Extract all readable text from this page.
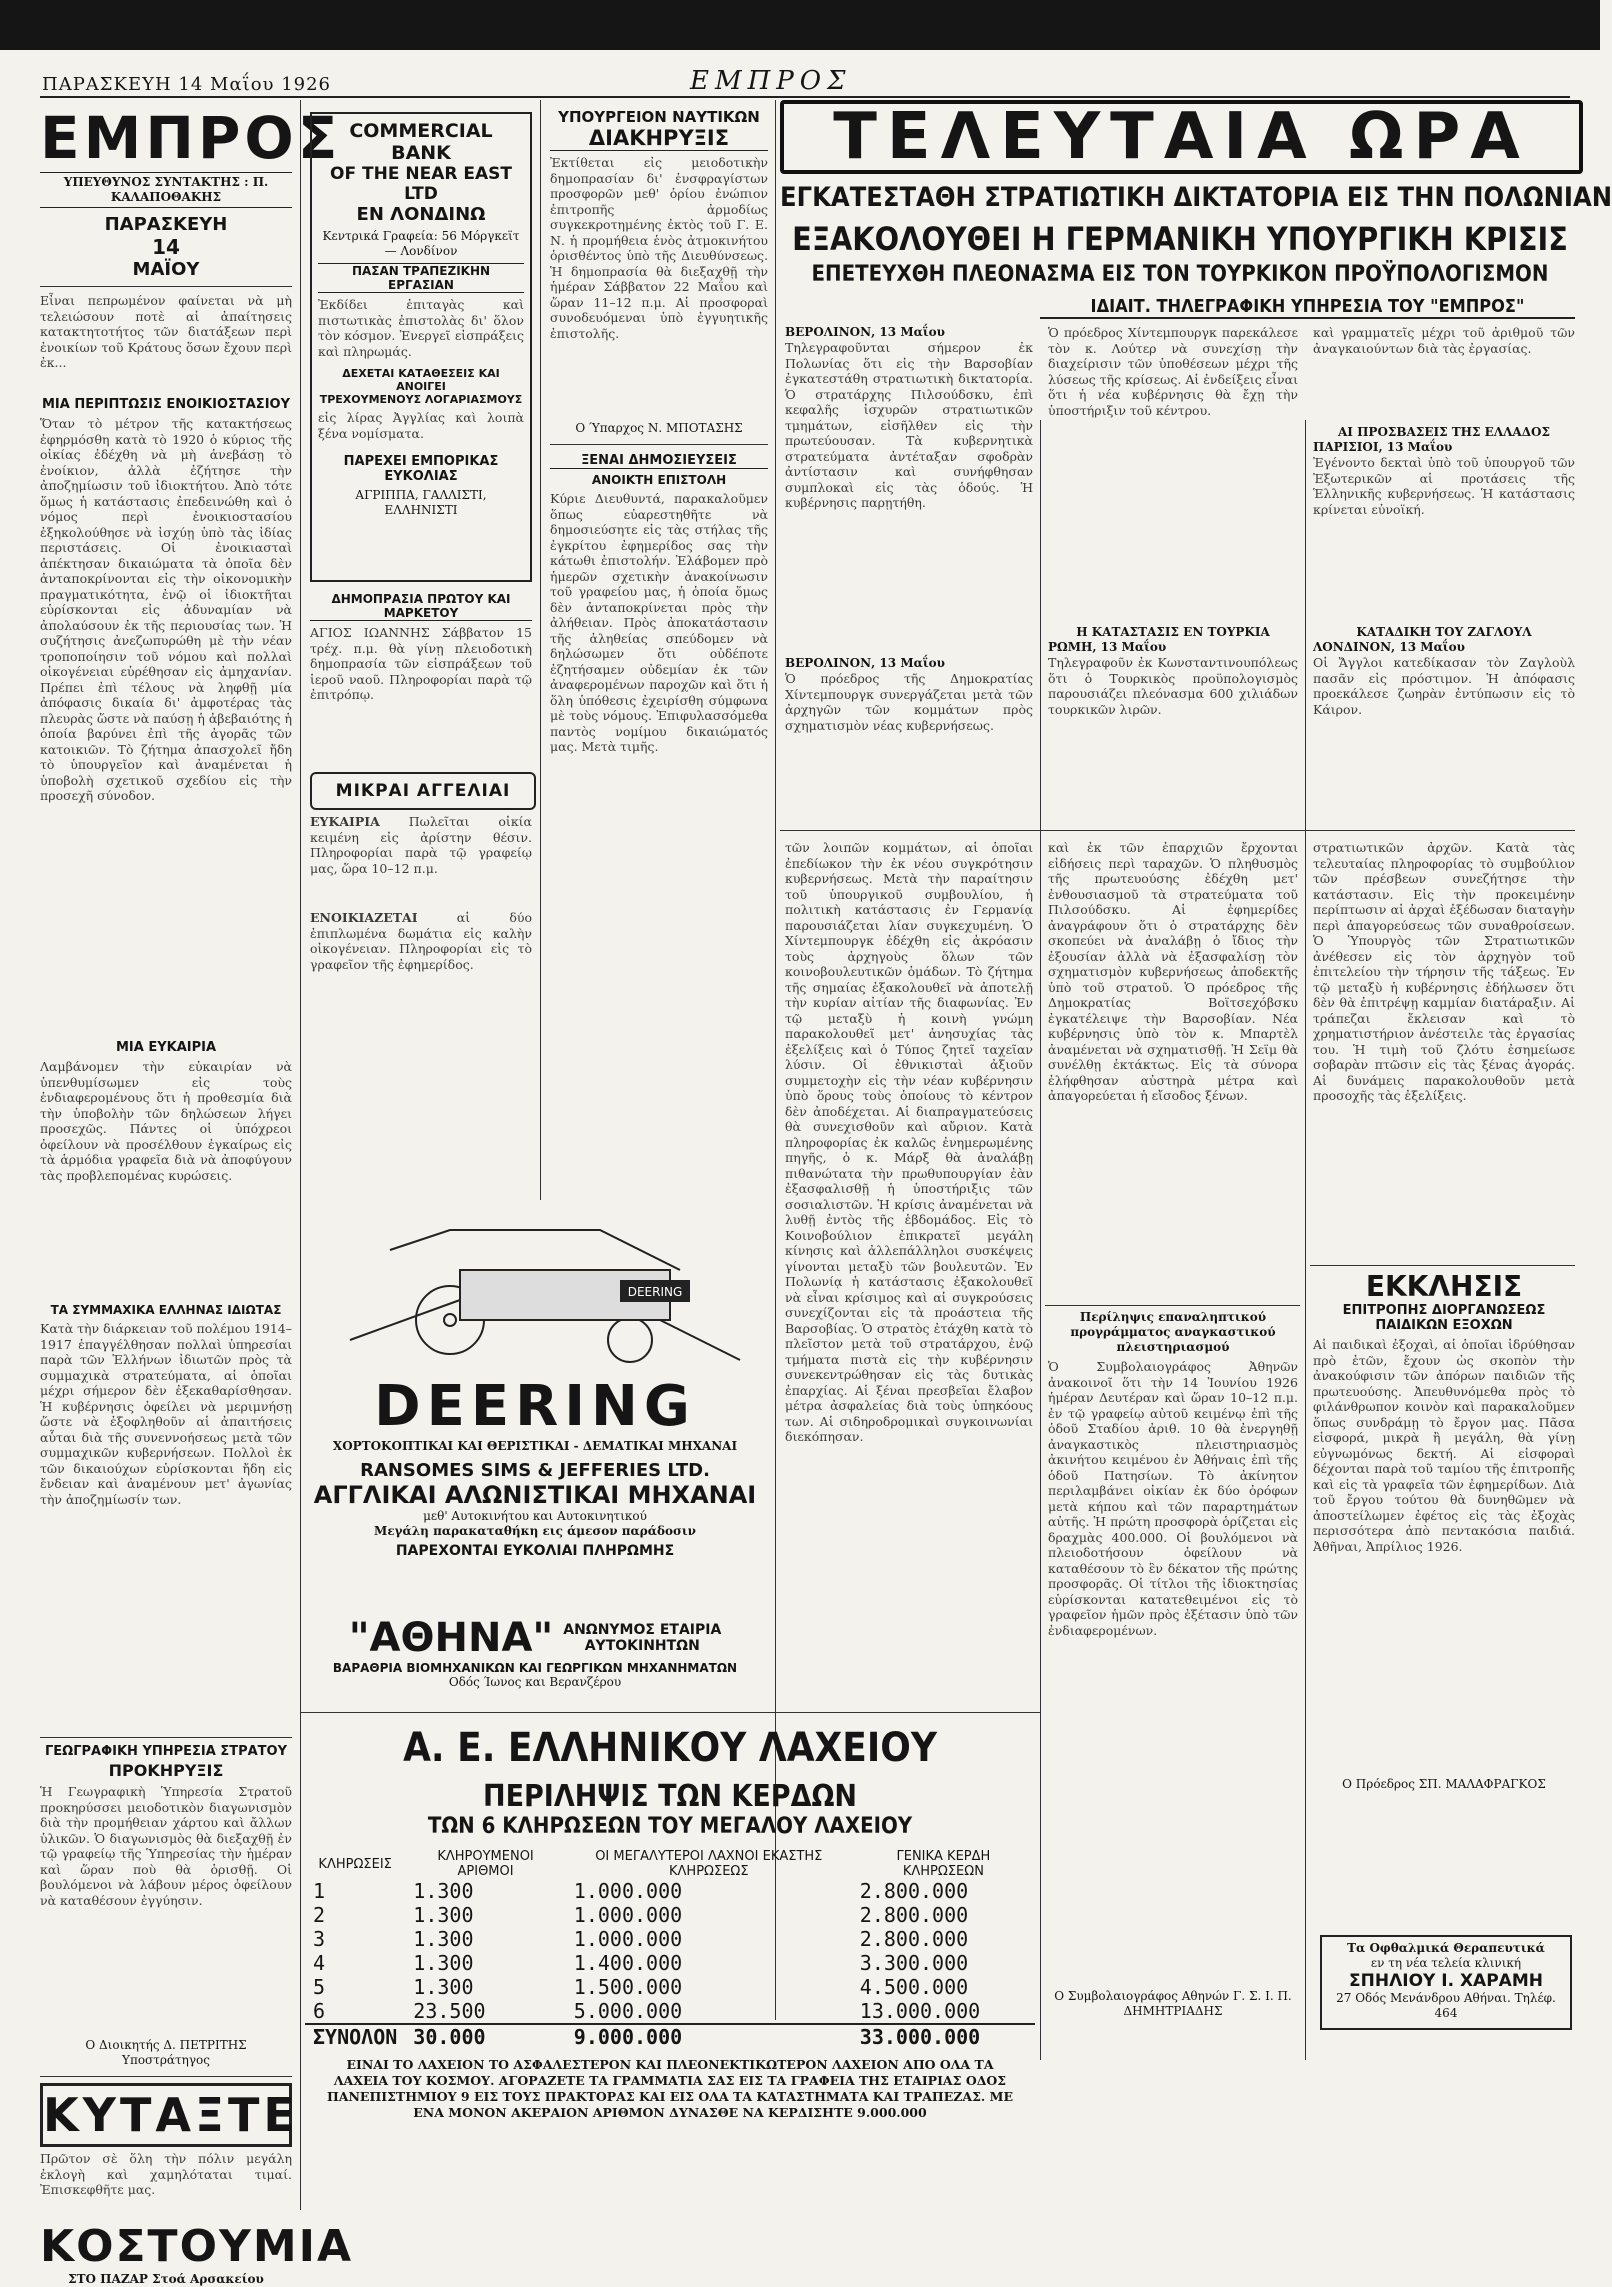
ΠΑΡΑΣΚΕΥΗ 14 Μαΐου 1926	ΕΜΠΡΟΣ
ΕΜΠΡΟΣ
ΥΠΕΥΘΥΝΟΣ ΣΥΝΤΑΚΤΗΣ : Π. ΚΑΛΑΠΟΘΑΚΗΣ
ΠΑΡΑΣΚΕΥΗ
14
ΜΑΪΟΥ
Εἶναι πεπρωμένον φαίνεται νὰ μὴ τελειώσουν ποτὲ αἱ ἀπαίτησεις κατακτητοτήτος τῶν διατάξεων περὶ ἐνοικίων τοῦ Κράτους ὅσων ἔχουν περὶ ἐκ...
ΜΙΑ ΠΕΡΙΠΤΩΣΙΣ ΕΝΟΙΚΙΟΣΤΑΣΙΟΥ
Ὅταν τὸ μέτρον τῆς κατακτήσεως ἐφηρμόσθη κατὰ τὸ 1920 ὁ κύριος τῆς οἰκίας ἐδέχθη νὰ μὴ ἀνεβάσῃ τὸ ἐνοίκιον, ἀλλὰ ἐζήτησε τὴν ἀποζημίωσιν τοῦ ἰδιοκτήτου. Ἀπὸ τότε ὅμως ἡ κατάστασις ἐπεδεινώθη καὶ ὁ νόμος περὶ ἐνοικιοστασίου ἐξηκολούθησε νὰ ἰσχύῃ ὑπὸ τὰς ἰδίας περιστάσεις. Οἱ ἐνοικιασταὶ ἀπέκτησαν δικαιώματα τὰ ὁποῖα δὲν ἀνταποκρίνονται εἰς τὴν οἰκονομικὴν πραγματικότητα, ἐνῷ οἱ ἰδιοκτῆται εὑρίσκονται εἰς ἀδυναμίαν νὰ ἀπολαύσουν ἐκ τῆς περιουσίας των. Ἡ συζήτησις ἀνεζωπυρώθη μὲ τὴν νέαν τροποποίησιν τοῦ νόμου καὶ πολλαὶ οἰκογένειαι εὑρέθησαν εἰς ἀμηχανίαν. Πρέπει ἐπὶ τέλους νὰ ληφθῇ μία ἀπόφασις δικαία δι' ἀμφοτέρας τὰς πλευρὰς ὥστε νὰ παύσῃ ἡ ἀβεβαιότης ἡ ὁποία βαρύνει ἐπὶ τῆς ἀγορᾶς τῶν κατοικιῶν. Τὸ ζήτημα ἀπασχολεῖ ἤδη τὸ ὑπουργεῖον καὶ ἀναμένεται ἡ ὑποβολὴ σχετικοῦ σχεδίου εἰς τὴν προσεχῆ σύνοδον.
ΜΙΑ ΕΥΚΑΙΡΙΑ
Λαμβάνομεν τὴν εὐκαιρίαν νὰ ὑπενθυμίσωμεν εἰς τοὺς ἐνδιαφερομένους ὅτι ἡ προθεσμία διὰ τὴν ὑποβολὴν τῶν δηλώσεων λήγει προσεχῶς. Πάντες οἱ ὑπόχρεοι ὀφείλουν νὰ προσέλθουν ἐγκαίρως εἰς τὰ ἁρμόδια γραφεῖα διὰ νὰ ἀποφύγουν τὰς προβλεπομένας κυρώσεις.
ΤΑ ΣΥΜΜΑΧΙΚΑ ΕΛΛΗΝΑΣ ΙΔΙΩΤΑΣ
Κατὰ τὴν διάρκειαν τοῦ πολέμου 1914–1917 ἐπαγγέλθησαν πολλαὶ ὑπηρεσίαι παρὰ τῶν Ἑλλήνων ἰδιωτῶν πρὸς τὰ συμμαχικὰ στρατεύματα, αἱ ὁποῖαι μέχρι σήμερον δὲν ἐξεκαθαρίσθησαν. Ἡ κυβέρνησις ὀφείλει νὰ μεριμνήσῃ ὥστε νὰ ἐξοφληθοῦν αἱ ἀπαιτήσεις αὗται διὰ τῆς συνεννοήσεως μετὰ τῶν συμμαχικῶν κυβερνήσεων. Πολλοὶ ἐκ τῶν δικαιούχων εὑρίσκονται ἤδη εἰς ἔνδειαν καὶ ἀναμένουν μετ' ἀγωνίας τὴν ἀποζημίωσίν των.
ΓΕΩΓΡΑΦΙΚΗ ΥΠΗΡΕΣΙΑ ΣΤΡΑΤΟΥ
ΠΡΟΚΗΡΥΞΙΣ
Ἡ Γεωγραφικὴ Ὑπηρεσία Στρατοῦ προκηρύσσει μειοδοτικὸν διαγωνισμὸν διὰ τὴν προμήθειαν χάρτου καὶ ἄλλων ὑλικῶν. Ὁ διαγωνισμὸς θὰ διεξαχθῇ ἐν τῷ γραφείῳ τῆς Ὑπηρεσίας τὴν ἡμέραν καὶ ὥραν ποὺ θὰ ὁρισθῇ. Οἱ βουλόμενοι νὰ λάβουν μέρος ὀφείλουν νὰ καταθέσουν ἐγγύησιν.
Ο Διοικητής Δ. ΠΕΤΡΙΤΗΣ Υποστράτηγος
ΚΥΤΑΞΤΕ
Πρῶτον σὲ ὅλη τὴν πόλιν μεγάλη ἐκλογὴ καὶ χαμηλόταται τιμαί. Ἐπισκεφθῆτε μας.
ΚΟΣΤΟΥΜΙΑ
ΣΤΟ ΠΑΖΑΡ Στοά Αρσακείου
COMMERCIAL BANK
OF THE NEAR EAST LTD
ΕΝ ΛΟΝΔΙΝΩ
Κεντρικά Γραφεία: 56 Μόργκεϊτ — Λονδίνον
ΠΑΣΑΝ ΤΡΑΠΕΖΙΚΗΝ ΕΡΓΑΣΙΑΝ
Ἐκδίδει ἐπιταγὰς καὶ πιστωτικὰς ἐπιστολὰς δι' ὅλον τὸν κόσμον. Ἐνεργεῖ εἰσπράξεις καὶ πληρωμάς.
ΔΕΧΕΤΑΙ ΚΑΤΑΘΕΣΕΙΣ ΚΑΙ ΑΝΟΙΓΕΙ
ΤΡΕΧΟΥΜΕΝΟΥΣ ΛΟΓΑΡΙΑΣΜΟΥΣ
εἰς λίρας Ἀγγλίας καὶ λοιπὰ ξένα νομίσματα.
ΠΑΡΕΧΕΙ ΕΜΠΟΡΙΚΑΣ ΕΥΚΟΛΙΑΣ
ΑΓΡΙΠΠΑ, ΓΑΛΛΙΣΤΙ, ΕΛΛΗΝΙΣΤΙ
ΔΗΜΟΠΡΑΣΙΑ ΠΡΩΤΟΥ ΚΑΙ ΜΑΡΚΕΤΟΥ
ΑΓΙΟΣ ΙΩΑΝΝΗΣ Σάββατον 15 τρέχ. π.μ. θὰ γίνῃ πλειοδοτικὴ δημοπρασία τῶν εἰσπράξεων τοῦ ἱεροῦ ναοῦ. Πληροφορίαι παρὰ τῷ ἐπιτρόπῳ.
ΜΙΚΡΑΙ ΑΓΓΕΛΙΑΙ
ΕΥΚΑΙΡΙΑ Πωλεῖται οἰκία κειμένη εἰς ἀρίστην θέσιν. Πληροφορίαι παρὰ τῷ γραφείῳ μας, ὥρα 10–12 π.μ.
ΕΝΟΙΚΙΑΖΕΤΑΙ αἱ δύο ἐπιπλωμένα δωμάτια εἰς καλὴν οἰκογένειαν. Πληροφορίαι εἰς τὸ γραφεῖον τῆς ἐφημερίδος.
ΥΠΟΥΡΓΕΙΟΝ ΝΑΥΤΙΚΩΝ
ΔΙΑΚΗΡΥΞΙΣ
Ἐκτίθεται εἰς μειοδοτικὴν δημοπρασίαν δι' ἐνσφραγίστων προσφορῶν μεθ' ὁρίου ἐνώπιον ἐπιτροπῆς ἀρμοδίως συγκεκροτημένης ἐκτὸς τοῦ Γ. Ε. Ν. ἡ προμήθεια ἑνὸς ἀτμοκινήτου ὁρισθέντος ὑπὸ τῆς Διευθύνσεως. Ἡ δημοπρασία θὰ διεξαχθῇ τὴν ἡμέραν Σάββατον 22 Μαΐου καὶ ὥραν 11–12 π.μ. Αἱ προσφοραὶ συνοδευόμεναι ὑπὸ ἐγγυητικῆς ἐπιστολῆς.
Ο Ύπαρχος Ν. ΜΠΟΤΑΣΗΣ
ΞΕΝΑΙ ΔΗΜΟΣΙΕΥΣΕΙΣ
ΑΝΟΙΚΤΗ ΕΠΙΣΤΟΛΗ
Κύριε Διευθυντά, παρακαλοῦμεν ὅπως εὐαρεστηθῆτε νὰ δημοσιεύσητε εἰς τὰς στήλας τῆς ἐγκρίτου ἐφημερίδος σας τὴν κάτωθι ἐπιστολήν. Ἐλάβομεν πρὸ ἡμερῶν σχετικὴν ἀνακοίνωσιν τοῦ γραφείου μας, ἡ ὁποία ὅμως δὲν ἀνταποκρίνεται πρὸς τὴν ἀλήθειαν. Πρὸς ἀποκατάστασιν τῆς ἀληθείας σπεύδομεν νὰ δηλώσωμεν ὅτι οὐδέποτε ἐζητήσαμεν οὐδεμίαν ἐκ τῶν ἀναφερομένων παροχῶν καὶ ὅτι ἡ ὅλη ὑπόθεσις ἐχειρίσθη σύμφωνα μὲ τοὺς νόμους. Ἐπιφυλασσόμεθα παντὸς νομίμου δικαιώματός μας. Μετὰ τιμῆς.
DEERING
DEERING
ΧΟΡΤΟΚΟΠΤΙΚΑΙ ΚΑΙ ΘΕΡΙΣΤΙΚΑΙ - ΔΕΜΑΤΙΚΑΙ ΜΗΧΑΝΑΙ
RANSOMES SIMS & JEFFERIES LTD.
ΑΓΓΛΙΚΑΙ ΑΛΩΝΙΣΤΙΚΑΙ ΜΗΧΑΝΑΙ
μεθ' Αυτοκινήτου και Αυτοκινητικού
Μεγάλη παρακαταθήκη εις άμεσον παράδοσιν
ΠΑΡΕΧΟΝΤΑΙ ΕΥΚΟΛΙΑΙ ΠΛΗΡΩΜΗΣ
"ΑΘΗΝΑ" ΑΝΩΝΥΜΟΣ ΕΤΑΙΡΙΑ
ΑΥΤΟΚΙΝΗΤΩΝ
ΒΑΡΑΘΡΙΑ ΒΙΟΜΗΧΑΝΙΚΩΝ ΚΑΙ ΓΕΩΡΓΙΚΩΝ ΜΗΧΑΝΗΜΑΤΩΝ
Οδός Ίωνος και Βερανζέρου
Α. Ε. ΕΛΛΗΝΙΚΟΥ ΛΑΧΕΙΟΥ
ΠΕΡΙΛΗΨΙΣ ΤΩΝ ΚΕΡΔΩΝ
ΤΩΝ 6 ΚΛΗΡΩΣΕΩΝ ΤΟΥ ΜΕΓΑΛΟΥ ΛΑΧΕΙΟΥ
ΚΛΗΡΩΣΕΙΣ	ΚΛΗΡΟΥΜΕΝΟΙ ΑΡΙΘΜΟΙ	ΟΙ ΜΕΓΑΛΥΤΕΡΟΙ ΛΑΧΝΟΙ ΕΚΑΣΤΗΣ ΚΛΗΡΩΣΕΩΣ	ΓΕΝΙΚΑ ΚΕΡΔΗ ΚΛΗΡΩΣΕΩΝ
1	1.300	1.000.000	2.800.000
2	1.300	1.000.000	2.800.000
3	1.300	1.000.000	2.800.000
4	1.300	1.400.000	3.300.000
5	1.300	1.500.000	4.500.000
6	23.500	5.000.000	13.000.000
ΣΥΝΟΛΟΝ	30.000	9.000.000	33.000.000
ΕΙΝΑΙ ΤΟ ΛΑΧΕΙΟΝ ΤΟ ΑΣΦΑΛΕΣΤΕΡΟΝ ΚΑΙ ΠΛΕΟΝΕΚΤΙΚΩΤΕΡΟΝ ΛΑΧΕΙΟΝ ΑΠΟ ΟΛΑ ΤΑ ΛΑΧΕΙΑ ΤΟΥ ΚΟΣΜΟΥ. ΑΓΟΡΑΖΕΤΕ ΤΑ ΓΡΑΜΜΑΤΙΑ ΣΑΣ ΕΙΣ ΤΑ ΓΡΑΦΕΙΑ ΤΗΣ ΕΤΑΙΡΙΑΣ ΟΔΟΣ ΠΑΝΕΠΙΣΤΗΜΙΟΥ 9 ΕΙΣ ΤΟΥΣ ΠΡΑΚΤΟΡΑΣ ΚΑΙ ΕΙΣ ΟΛΑ ΤΑ ΚΑΤΑΣΤΗΜΑΤΑ ΚΑΙ ΤΡΑΠΕΖΑΣ. ΜΕ ΕΝΑ ΜΟΝΟΝ ΑΚΕΡΑΙΟΝ ΑΡΙΘΜΟΝ ΔΥΝΑΣΘΕ ΝΑ ΚΕΡΔΙΣΗΤΕ 9.000.000
ΤΕΛΕΥΤΑΙΑ ΩΡΑ
ΕΓΚΑΤΕΣΤΑΘΗ ΣΤΡΑΤΙΩΤΙΚΗ ΔΙΚΤΑΤΟΡΙΑ ΕΙΣ ΤΗΝ ΠΟΛΩΝΙΑΝ
ΕΞΑΚΟΛΟΥΘΕΙ Η ΓΕΡΜΑΝΙΚΗ ΥΠΟΥΡΓΙΚΗ ΚΡΙΣΙΣ
ΕΠΕΤΕΥΧΘΗ ΠΛΕΟΝΑΣΜΑ ΕΙΣ ΤΟΝ ΤΟΥΡΚΙΚΟΝ ΠΡΟΫΠΟΛΟΓΙΣΜΟΝ
ΙΔΙΑΙΤ. ΤΗΛΕΓΡΑΦΙΚΗ ΥΠΗΡΕΣΙΑ ΤΟΥ "ΕΜΠΡΟΣ"
ΒΕΡΟΛΙΝΟΝ, 13 Μαΐου
Τηλεγραφοῦνται σήμερον ἐκ Πολωνίας ὅτι εἰς τὴν Βαρσοβίαν ἐγκατεστάθη στρατιωτικὴ δικτατορία. Ὁ στρατάρχης Πιλσούδσκυ, ἐπὶ κεφαλῆς ἰσχυρῶν στρατιωτικῶν τμημάτων, εἰσῆλθεν εἰς τὴν πρωτεύουσαν. Τὰ κυβερνητικὰ στρατεύματα ἀντέταξαν σφοδρὰν ἀντίστασιν καὶ συνήφθησαν συμπλοκαὶ εἰς τὰς ὁδούς. Ἡ κυβέρνησις παρῃτήθη.
ΒΕΡΟΛΙΝΟΝ, 13 Μαΐου
Ὁ πρόεδρος τῆς Δημοκρατίας Χίντεμπουργκ συνεργάζεται μετὰ τῶν ἀρχηγῶν τῶν κομμάτων πρὸς σχηματισμὸν νέας κυβερνήσεως.
Ὁ πρόεδρος Χίντεμπουργκ παρεκάλεσε τὸν κ. Λούτερ νὰ συνεχίσῃ τὴν διαχείρισιν τῶν ὑποθέσεων μέχρι τῆς λύσεως τῆς κρίσεως. Αἱ ἐνδείξεις εἶναι ὅτι ἡ νέα κυβέρνησις θὰ ἔχῃ τὴν ὑποστήριξιν τοῦ κέντρου.
Η ΚΑΤΑΣΤΑΣΙΣ ΕΝ ΤΟΥΡΚΙΑ
ΡΩΜΗ, 13 Μαΐου
Τηλεγραφοῦν ἐκ Κωνσταντινουπόλεως ὅτι ὁ Τουρκικὸς προϋπολογισμὸς παρουσιάζει πλεόνασμα 600 χιλιάδων τουρκικῶν λιρῶν.
καὶ γραμματεῖς μέχρι τοῦ ἀριθμοῦ τῶν ἀναγκαιούντων διὰ τὰς ἐργασίας.
ΑΙ ΠΡΟΣΒΑΣΕΙΣ ΤΗΣ ΕΛΛΑΔΟΣ
ΠΑΡΙΣΙΟΙ, 13 Μαΐου
Ἐγένοντο δεκταὶ ὑπὸ τοῦ ὑπουργοῦ τῶν Ἐξωτερικῶν αἱ προτάσεις τῆς Ἑλληνικῆς κυβερνήσεως. Ἡ κατάστασις κρίνεται εὐνοϊκή.
ΚΑΤΑΔΙΚΗ ΤΟΥ ΖΑΓΛΟΥΛ
ΛΟΝΔΙΝΟΝ, 13 Μαΐου
Οἱ Ἄγγλοι κατεδίκασαν τὸν Ζαγλοὺλ πασᾶν εἰς πρόστιμον. Ἡ ἀπόφασις προεκάλεσε ζωηρὰν ἐντύπωσιν εἰς τὸ Κάιρον.
τῶν λοιπῶν κομμάτων, αἱ ὁποῖαι ἐπεδίωκον τὴν ἐκ νέου συγκρότησιν κυβερνήσεως. Μετὰ τὴν παραίτησιν τοῦ ὑπουργικοῦ συμβουλίου, ἡ πολιτικὴ κατάστασις ἐν Γερμανίᾳ παρουσιάζεται λίαν συγκεχυμένη. Ὁ Χίντεμπουργκ ἐδέχθη εἰς ἀκρόασιν τοὺς ἀρχηγοὺς ὅλων τῶν κοινοβουλευτικῶν ὁμάδων. Τὸ ζήτημα τῆς σημαίας ἐξακολουθεῖ νὰ ἀποτελῇ τὴν κυρίαν αἰτίαν τῆς διαφωνίας. Ἐν τῷ μεταξὺ ἡ κοινὴ γνώμη παρακολουθεῖ μετ' ἀνησυχίας τὰς ἐξελίξεις καὶ ὁ Τύπος ζητεῖ ταχεῖαν λύσιν. Οἱ ἐθνικισταὶ ἀξιοῦν συμμετοχὴν εἰς τὴν νέαν κυβέρνησιν ὑπὸ ὅρους τοὺς ὁποίους τὸ κέντρον δὲν ἀποδέχεται. Αἱ διαπραγματεύσεις θὰ συνεχισθοῦν καὶ αὔριον. Κατὰ πληροφορίας ἐκ καλῶς ἐνημερωμένης πηγῆς, ὁ κ. Μάρξ θὰ ἀναλάβῃ πιθανώτατα τὴν πρωθυπουργίαν ἐὰν ἐξασφαλισθῇ ἡ ὑποστήριξις τῶν σοσιαλιστῶν. Ἡ κρίσις ἀναμένεται νὰ λυθῇ ἐντὸς τῆς ἑβδομάδος. Εἰς τὸ Κοινοβούλιον ἐπικρατεῖ μεγάλη κίνησις καὶ ἀλλεπάλληλοι συσκέψεις γίνονται μεταξὺ τῶν βουλευτῶν. Ἐν Πολωνίᾳ ἡ κατάστασις ἐξακολουθεῖ νὰ εἶναι κρίσιμος καὶ αἱ συγκρούσεις συνεχίζονται εἰς τὰ προάστεια τῆς Βαρσοβίας. Ὁ στρατὸς ἐτάχθη κατὰ τὸ πλεῖστον μετὰ τοῦ στρατάρχου, ἐνῷ τμήματα πιστὰ εἰς τὴν κυβέρνησιν συνεκεντρώθησαν εἰς τὰς δυτικὰς ἐπαρχίας. Αἱ ξέναι πρεσβεῖαι ἔλαβον μέτρα ἀσφαλείας διὰ τοὺς ὑπηκόους των. Αἱ σιδηροδρομικαὶ συγκοινωνίαι διεκόπησαν.
καὶ ἐκ τῶν ἐπαρχιῶν ἔρχονται εἰδήσεις περὶ ταραχῶν. Ὁ πληθυσμὸς τῆς πρωτευούσης ἐδέχθη μετ' ἐνθουσιασμοῦ τὰ στρατεύματα τοῦ Πιλσούδσκυ. Αἱ ἐφημερίδες ἀναγράφουν ὅτι ὁ στρατάρχης δὲν σκοπεύει νὰ ἀναλάβῃ ὁ ἴδιος τὴν ἐξουσίαν ἀλλὰ νὰ ἐξασφαλίσῃ τὸν σχηματισμὸν κυβερνήσεως ἀποδεκτῆς ὑπὸ τοῦ στρατοῦ. Ὁ πρόεδρος τῆς Δημοκρατίας Βοϊτσεχόβσκυ ἐγκατέλειψε τὴν Βαρσοβίαν. Νέα κυβέρνησις ὑπὸ τὸν κ. Μπαρτὲλ ἀναμένεται νὰ σχηματισθῇ. Ἡ Σεϊμ θὰ συνέλθῃ ἐκτάκτως. Εἰς τὰ σύνορα ἐλήφθησαν αὐστηρὰ μέτρα καὶ ἀπαγορεύεται ἡ εἴσοδος ξένων.
Περίληψις επαναληπτικού προγράμματος αναγκαστικού πλειστηριασμού
Ὁ Συμβολαιογράφος Ἀθηνῶν ἀνακοινοῖ ὅτι τὴν 14 Ἰουνίου 1926 ἡμέραν Δευτέραν καὶ ὥραν 10–12 π.μ. ἐν τῷ γραφείῳ αὐτοῦ κειμένῳ ἐπὶ τῆς ὁδοῦ Σταδίου ἀριθ. 10 θὰ ἐνεργηθῇ ἀναγκαστικὸς πλειστηριασμὸς ἀκινήτου κειμένου ἐν Ἀθήναις ἐπὶ τῆς ὁδοῦ Πατησίων. Τὸ ἀκίνητον περιλαμβάνει οἰκίαν ἐκ δύο ὀρόφων μετὰ κήπου καὶ τῶν παραρτημάτων αὐτῆς. Ἡ πρώτη προσφορὰ ὁρίζεται εἰς δραχμὰς 400.000. Οἱ βουλόμενοι νὰ πλειοδοτήσουν ὀφείλουν νὰ καταθέσουν τὸ ἓν δέκατον τῆς πρώτης προσφορᾶς. Οἱ τίτλοι τῆς ἰδιοκτησίας εὑρίσκονται κατατεθειμένοι εἰς τὸ γραφεῖον ἡμῶν πρὸς ἐξέτασιν ὑπὸ τῶν ἐνδιαφερομένων.
Ο Συμβολαιογράφος Αθηνών Γ. Σ. Ι. Π. ΔΗΜΗΤΡΙΑΔΗΣ
στρατιωτικῶν ἀρχῶν. Κατὰ τὰς τελευταίας πληροφορίας τὸ συμβούλιον τῶν πρέσβεων συνεζήτησε τὴν κατάστασιν. Εἰς τὴν προκειμένην περίπτωσιν αἱ ἀρχαὶ ἐξέδωσαν διαταγὴν περὶ ἀπαγορεύσεως τῶν συναθροίσεων. Ὁ Ὑπουργὸς τῶν Στρατιωτικῶν ἀνέθεσεν εἰς τὸν ἀρχηγὸν τοῦ ἐπιτελείου τὴν τήρησιν τῆς τάξεως. Ἐν τῷ μεταξὺ ἡ κυβέρνησις ἐδήλωσεν ὅτι δὲν θὰ ἐπιτρέψῃ καμμίαν διατάραξιν. Αἱ τράπεζαι ἔκλεισαν καὶ τὸ χρηματιστήριον ἀνέστειλε τὰς ἐργασίας του. Ἡ τιμὴ τοῦ ζλότυ ἐσημείωσε σοβαρὰν πτῶσιν εἰς τὰς ξένας ἀγοράς. Αἱ δυνάμεις παρακολουθοῦν μετὰ προσοχῆς τὰς ἐξελίξεις.
ΕΚΚΛΗΣΙΣ
ΕΠΙΤΡΟΠΗΣ ΔΙΟΡΓΑΝΩΣΕΩΣ ΠΑΙΔΙΚΩΝ ΕΞΟΧΩΝ
Αἱ παιδικαὶ ἐξοχαὶ, αἱ ὁποῖαι ἱδρύθησαν πρὸ ἐτῶν, ἔχουν ὡς σκοπὸν τὴν ἀνακούφισιν τῶν ἀπόρων παιδιῶν τῆς πρωτευούσης. Ἀπευθυνόμεθα πρὸς τὸ φιλάνθρωπον κοινὸν καὶ παρακαλοῦμεν ὅπως συνδράμῃ τὸ ἔργον μας. Πᾶσα εἰσφορά, μικρὰ ἢ μεγάλη, θὰ γίνῃ εὐγνωμόνως δεκτή. Αἱ εἰσφοραὶ δέχονται παρὰ τοῦ ταμίου τῆς ἐπιτροπῆς καὶ εἰς τὰ γραφεῖα τῶν ἐφημερίδων. Διὰ τοῦ ἔργου τούτου θὰ δυνηθῶμεν νὰ ἀποστείλωμεν ἐφέτος εἰς τὰς ἐξοχὰς περισσότερα ἀπὸ πεντακόσια παιδιά. Ἀθῆναι, Ἀπρίλιος 1926.
Ο Πρόεδρος ΣΠ. ΜΑΛΑΦΡΑΓΚΟΣ
Τα Οφθαλμικά Θεραπευτικά
εν τη νέα τελεία κλινική
ΣΠΗΛΙΟΥ Ι. ΧΑΡΑΜΗ
27 Οδός Μενάνδρου Αθήναι. Τηλέφ. 464
